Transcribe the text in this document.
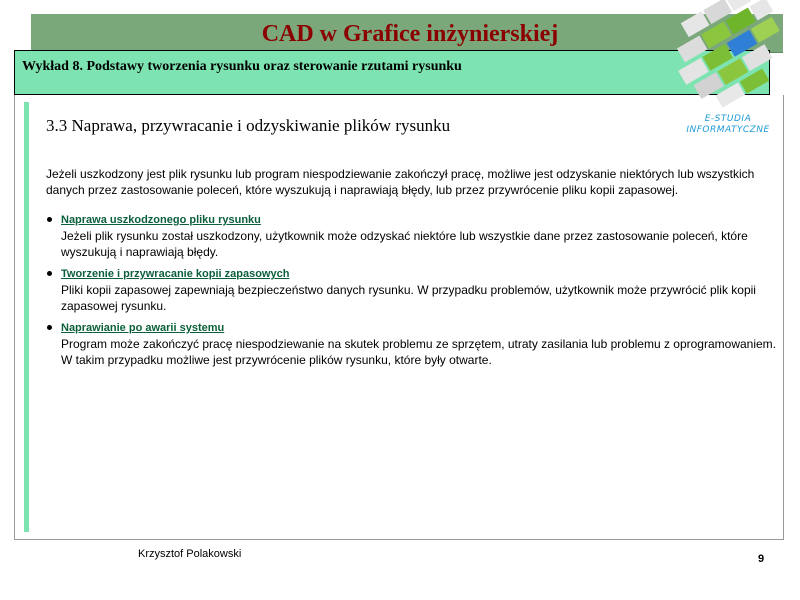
CAD w Grafice inżynierskiej
Wykład 8. Podstawy tworzenia rysunku oraz sterowanie rzutami rysunku
E-STUDIA
INFORMATYCZNE
3.3 Naprawa, przywracanie i odzyskiwanie plików rysunku
Jeżeli uszkodzony jest plik rysunku lub program niespodziewanie zakończył pracę, możliwe jest odzyskanie niektórych lub wszystkich danych przez zastosowanie poleceń, które wyszukują i naprawiają błędy, lub przez przywrócenie pliku kopii zapasowej.
Naprawa uszkodzonego pliku rysunku
Jeżeli plik rysunku został uszkodzony, użytkownik może odzyskać niektóre lub wszystkie dane przez zastosowanie poleceń, które wyszukują i naprawiają błędy.
Tworzenie i przywracanie kopii zapasowych
Pliki kopii zapasowej zapewniają bezpieczeństwo danych rysunku. W przypadku problemów, użytkownik może przywrócić plik kopii zapasowej rysunku.
Naprawianie po awarii systemu
Program może zakończyć pracę niespodziewanie na skutek problemu ze sprzętem, utraty zasilania lub problemu z oprogramowaniem. W takim przypadku możliwe jest przywrócenie plików rysunku, które były otwarte.
Krzysztof Polakowski	9
